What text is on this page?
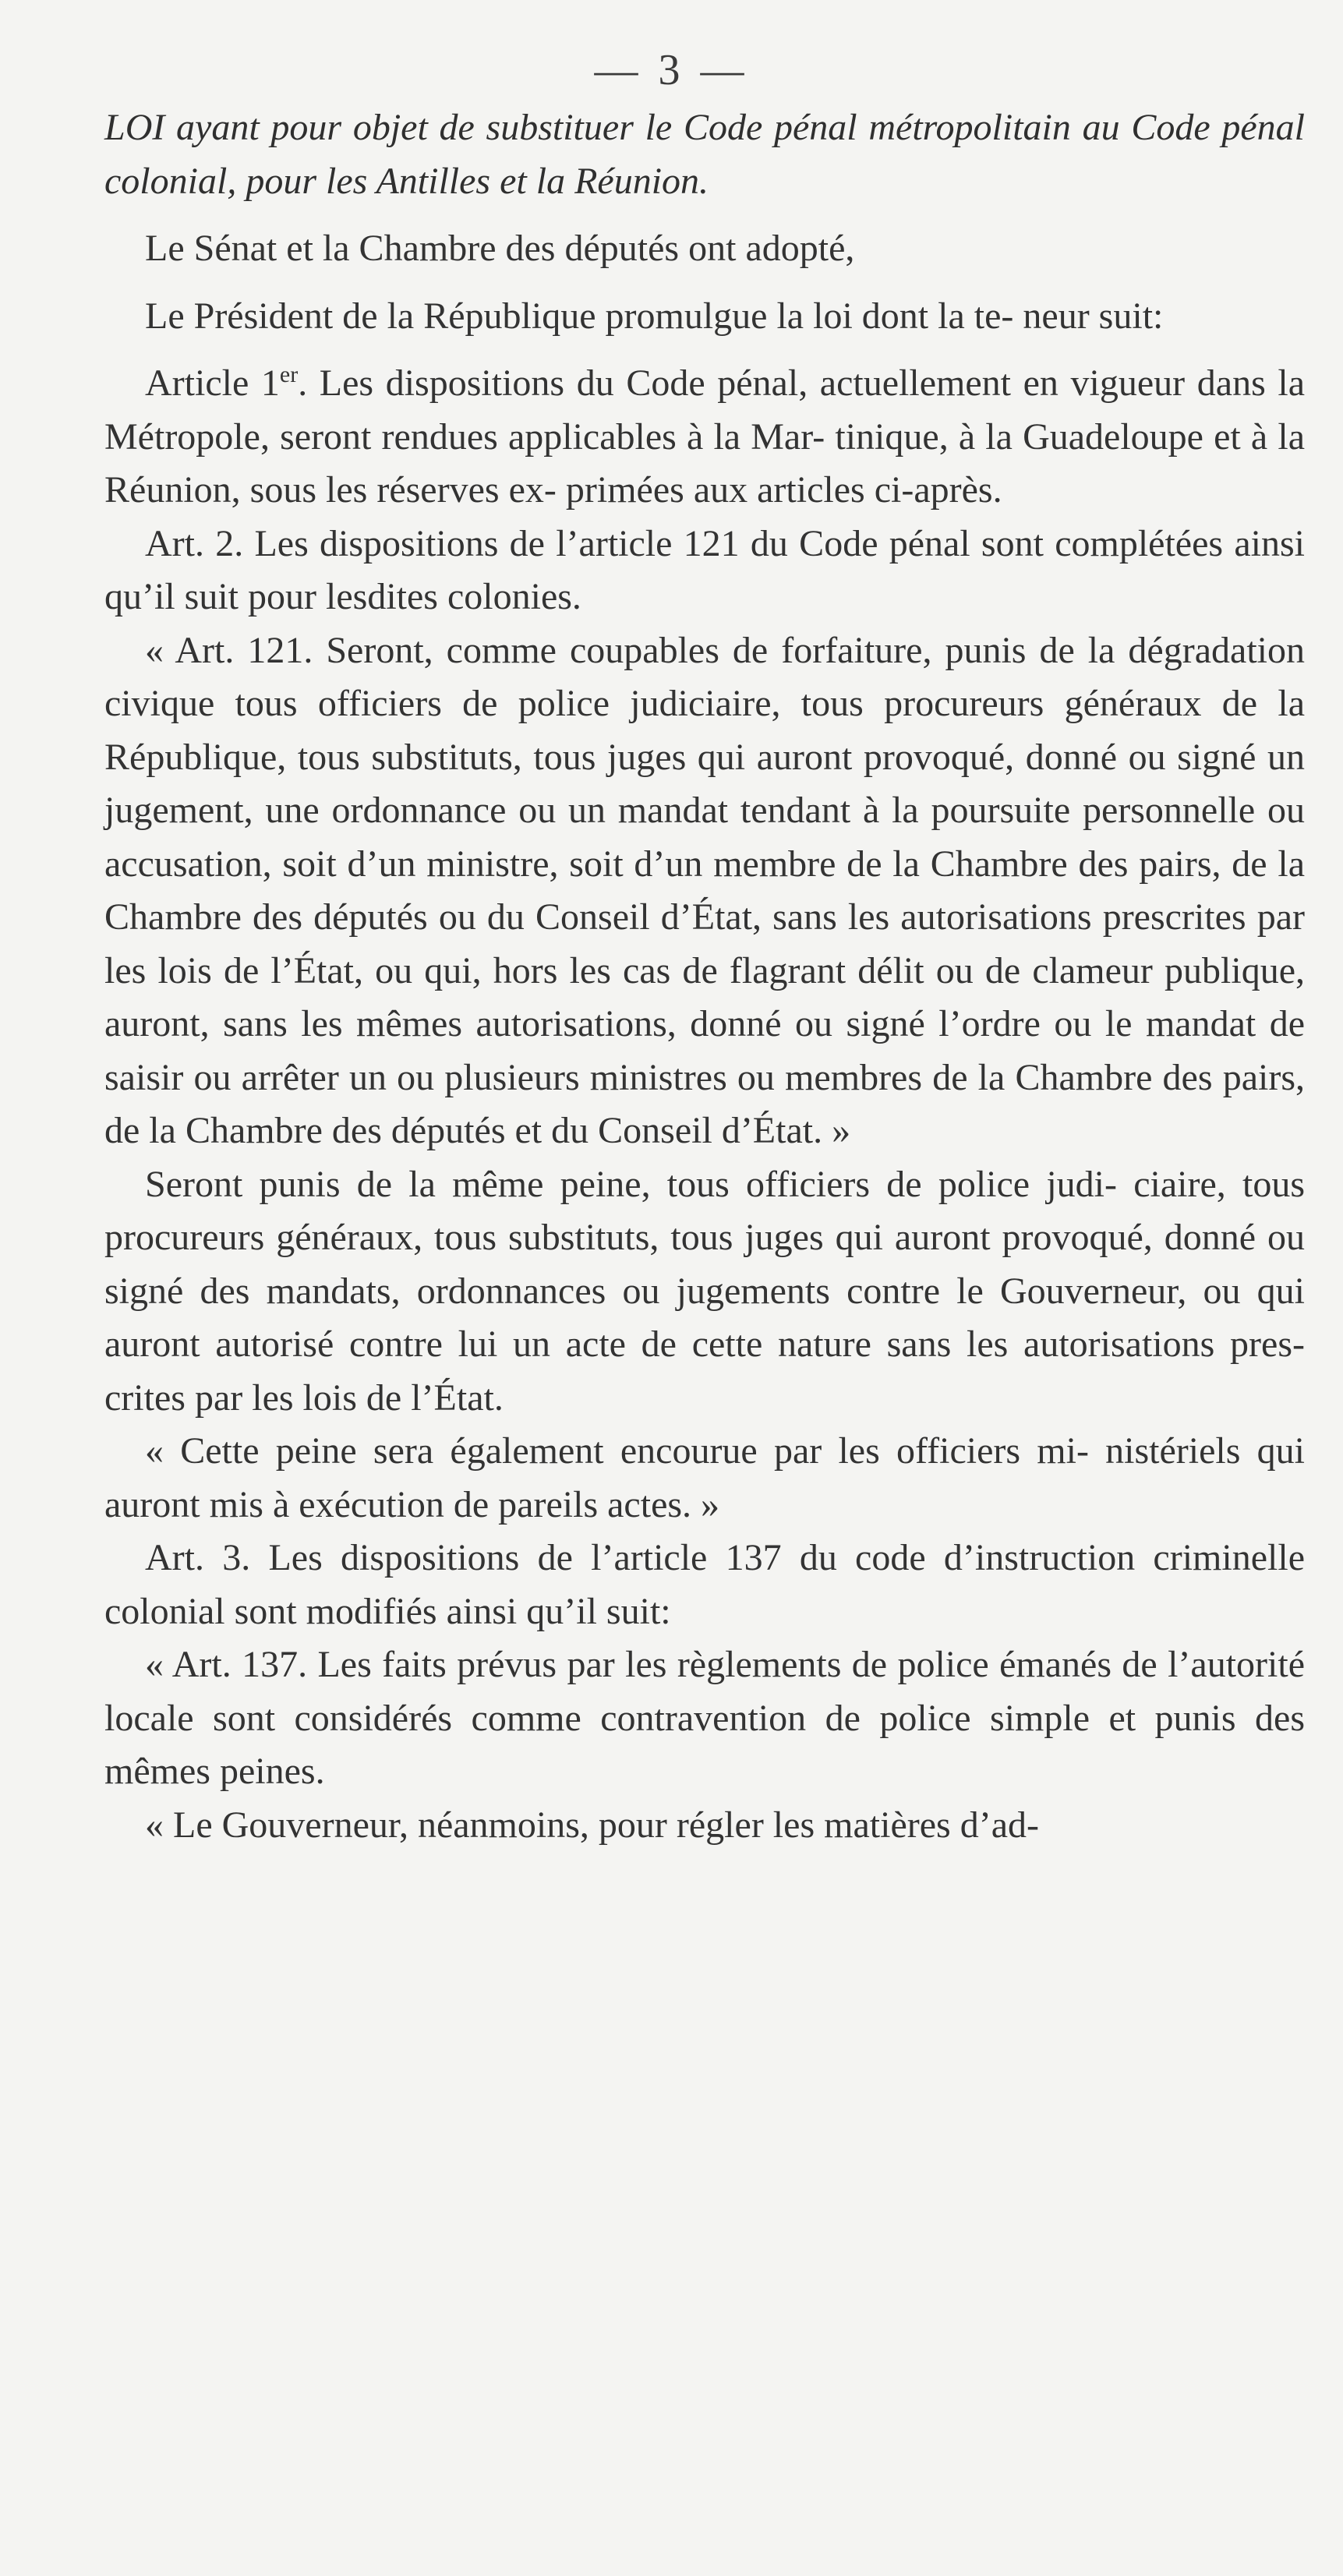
— 3 —

LOI ayant pour objet de substituer le Code pénal métropolitain au Code pénal colonial, pour les Antilles et la Réunion.

Le Sénat et la Chambre des députés ont adopté,

Le Président de la République promulgue la loi dont la te- neur suit:

Article 1er. Les dispositions du Code pénal, actuellement en vigueur dans la Métropole, seront rendues applicables à la Mar- tinique, à la Guadeloupe et à la Réunion, sous les réserves ex- primées aux articles ci-après.

Art. 2. Les dispositions de l’article 121 du Code pénal sont complétées ainsi qu’il suit pour lesdites colonies.

« Art. 121. Seront, comme coupables de forfaiture, punis de la dégradation civique tous officiers de police judiciaire, tous procureurs généraux de la République, tous substituts, tous juges qui auront provoqué, donné ou signé un jugement, une ordonnance ou un mandat tendant à la poursuite personnelle ou accusation, soit d’un ministre, soit d’un membre de la Chambre des pairs, de la Chambre des députés ou du Conseil d’État, sans les autorisations prescrites par les lois de l’État, ou qui, hors les cas de flagrant délit ou de clameur publique, auront, sans les mêmes autorisations, donné ou signé l’ordre ou le mandat de saisir ou arrêter un ou plusieurs ministres ou membres de la Chambre des pairs, de la Chambre des députés et du Conseil d’État. »

Seront punis de la même peine, tous officiers de police judi- ciaire, tous procureurs généraux, tous substituts, tous juges qui auront provoqué, donné ou signé des mandats, ordonnances ou jugements contre le Gouverneur, ou qui auront autorisé contre lui un acte de cette nature sans les autorisations pres- crites par les lois de l’État.

« Cette peine sera également encourue par les officiers mi- nistériels qui auront mis à exécution de pareils actes. »

Art. 3. Les dispositions de l’article 137 du code d’instruction criminelle colonial sont modifiés ainsi qu’il suit:

« Art. 137. Les faits prévus par les règlements de police émanés de l’autorité locale sont considérés comme contravention de police simple et punis des mêmes peines.

« Le Gouverneur, néanmoins, pour régler les matières d’ad-
